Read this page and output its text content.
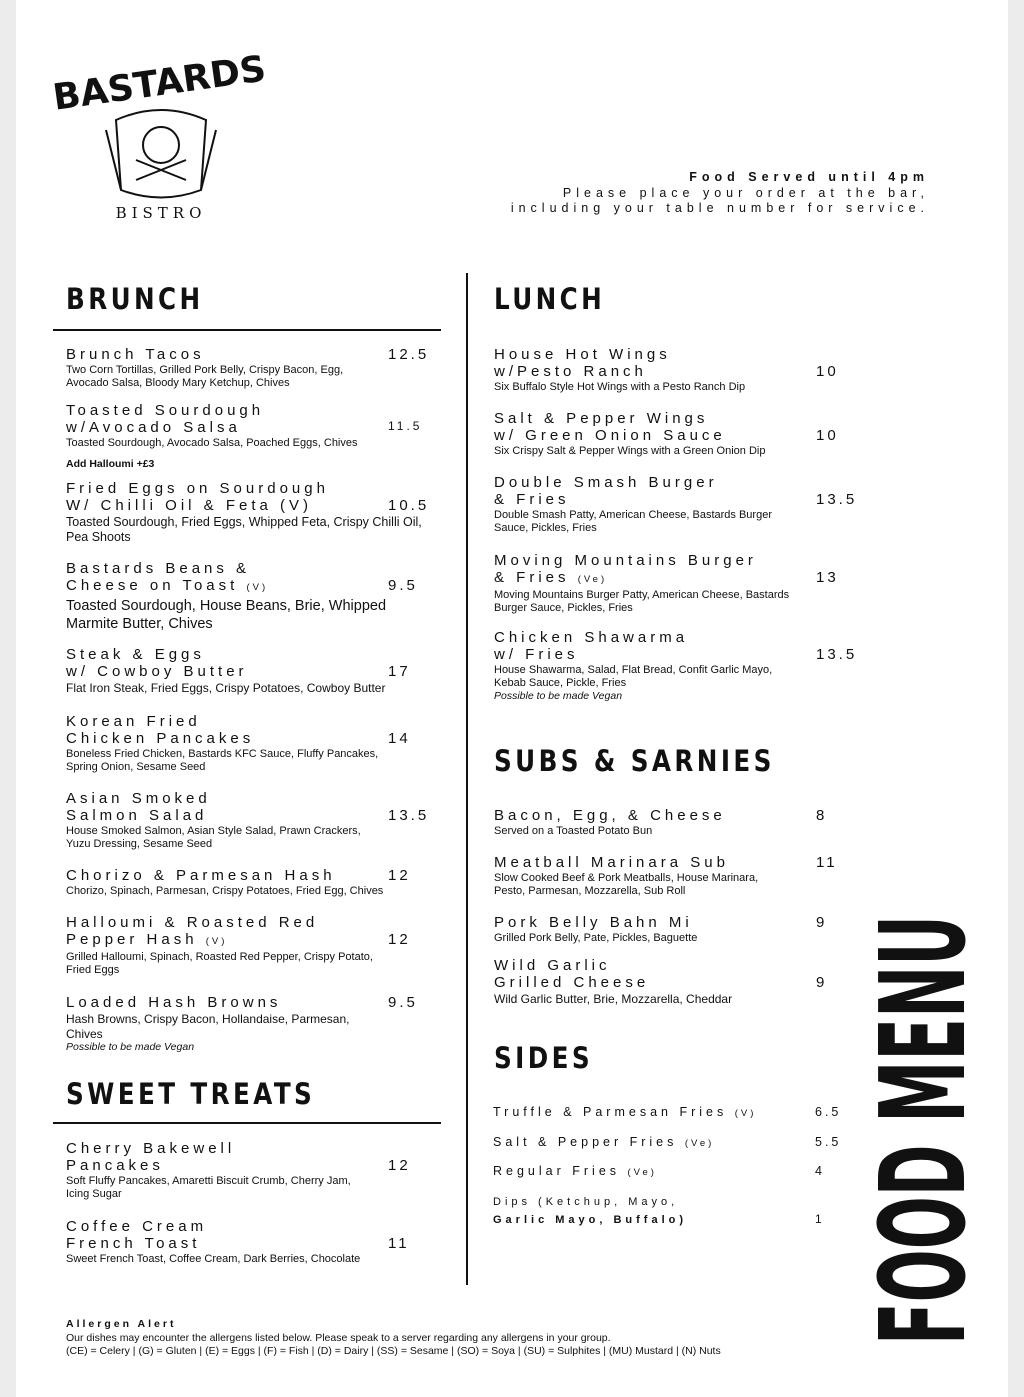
BASTARDS
BISTRO
Food Served until 4pm
Please place your order at the bar,
including your table number for service.
BRUNCH
Brunch Tacos	12.5
Two Corn Tortillas, Grilled Pork Belly, Crispy Bacon, Egg, Avocado Salsa, Bloody Mary Ketchup, Chives
Toasted Sourdough
w/Avocado Salsa	11.5
Toasted Sourdough, Avocado Salsa, Poached Eggs, Chives
Add Halloumi +£3
Fried Eggs on Sourdough
W/ Chilli Oil & Feta (V)	10.5
Toasted Sourdough, Fried Eggs, Whipped Feta, Crispy Chilli Oil, Pea Shoots
Bastards Beans &
Cheese on Toast (V)	9.5
Toasted Sourdough, House Beans, Brie, Whipped Marmite Butter, Chives
Steak & Eggs
w/ Cowboy Butter	17
Flat Iron Steak, Fried Eggs, Crispy Potatoes, Cowboy Butter
Korean Fried
Chicken Pancakes	14
Boneless Fried Chicken, Bastards KFC Sauce, Fluffy Pancakes, Spring Onion, Sesame Seed
Asian Smoked
Salmon Salad	13.5
House Smoked Salmon, Asian Style Salad, Prawn Crackers, Yuzu Dressing, Sesame Seed
Chorizo & Parmesan Hash	12
Chorizo, Spinach, Parmesan, Crispy Potatoes, Fried Egg, Chives
Halloumi & Roasted Red
Pepper Hash (V)	12
Grilled Halloumi, Spinach, Roasted Red Pepper, Crispy Potato, Fried Eggs
Loaded Hash Browns	9.5
Hash Browns, Crispy Bacon, Hollandaise, Parmesan, Chives
Possible to be made Vegan
SWEET TREATS
Cherry Bakewell
Pancakes	12
Soft Fluffy Pancakes, Amaretti Biscuit Crumb, Cherry Jam, Icing Sugar
Coffee Cream
French Toast	11
Sweet French Toast, Coffee Cream, Dark Berries, Chocolate
LUNCH
House Hot Wings
w/Pesto Ranch	10
Six Buffalo Style Hot Wings with a Pesto Ranch Dip
Salt & Pepper Wings
w/ Green Onion Sauce	10
Six Crispy Salt & Pepper Wings with a Green Onion Dip
Double Smash Burger
& Fries	13.5
Double Smash Patty, American Cheese, Bastards Burger Sauce, Pickles, Fries
Moving Mountains Burger
& Fries (Ve)	13
Moving Mountains Burger Patty, American Cheese, Bastards Burger Sauce, Pickles, Fries
Chicken Shawarma
w/ Fries	13.5
House Shawarma, Salad, Flat Bread, Confit Garlic Mayo, Kebab Sauce, Pickle, Fries
Possible to be made Vegan
SUBS & SARNIES
Bacon, Egg, & Cheese	8
Served on a Toasted Potato Bun
Meatball Marinara Sub	11
Slow Cooked Beef & Pork Meatballs, House Marinara, Pesto, Parmesan, Mozzarella, Sub Roll
Pork Belly Bahn Mi	9
Grilled Pork Belly, Pate, Pickles, Baguette
Wild Garlic
Grilled Cheese	9
Wild Garlic Butter, Brie, Mozzarella, Cheddar
SIDES
Truffle & Parmesan Fries (V)	6.5
Salt & Pepper Fries (Ve)	5.5
Regular Fries (Ve)	4
Dips (Ketchup, Mayo,
Garlic Mayo, Buffalo)	1 FOOD MENU
Allergen Alert
Our dishes may encounter the allergens listed below. Please speak to a server regarding any allergens in your group.
(CE) = Celery | (G) = Gluten | (E) = Eggs | (F) = Fish | (D) = Dairy | (SS) = Sesame | (SO) = Soya | (SU) = Sulphites | (MU) Mustard | (N) Nuts
